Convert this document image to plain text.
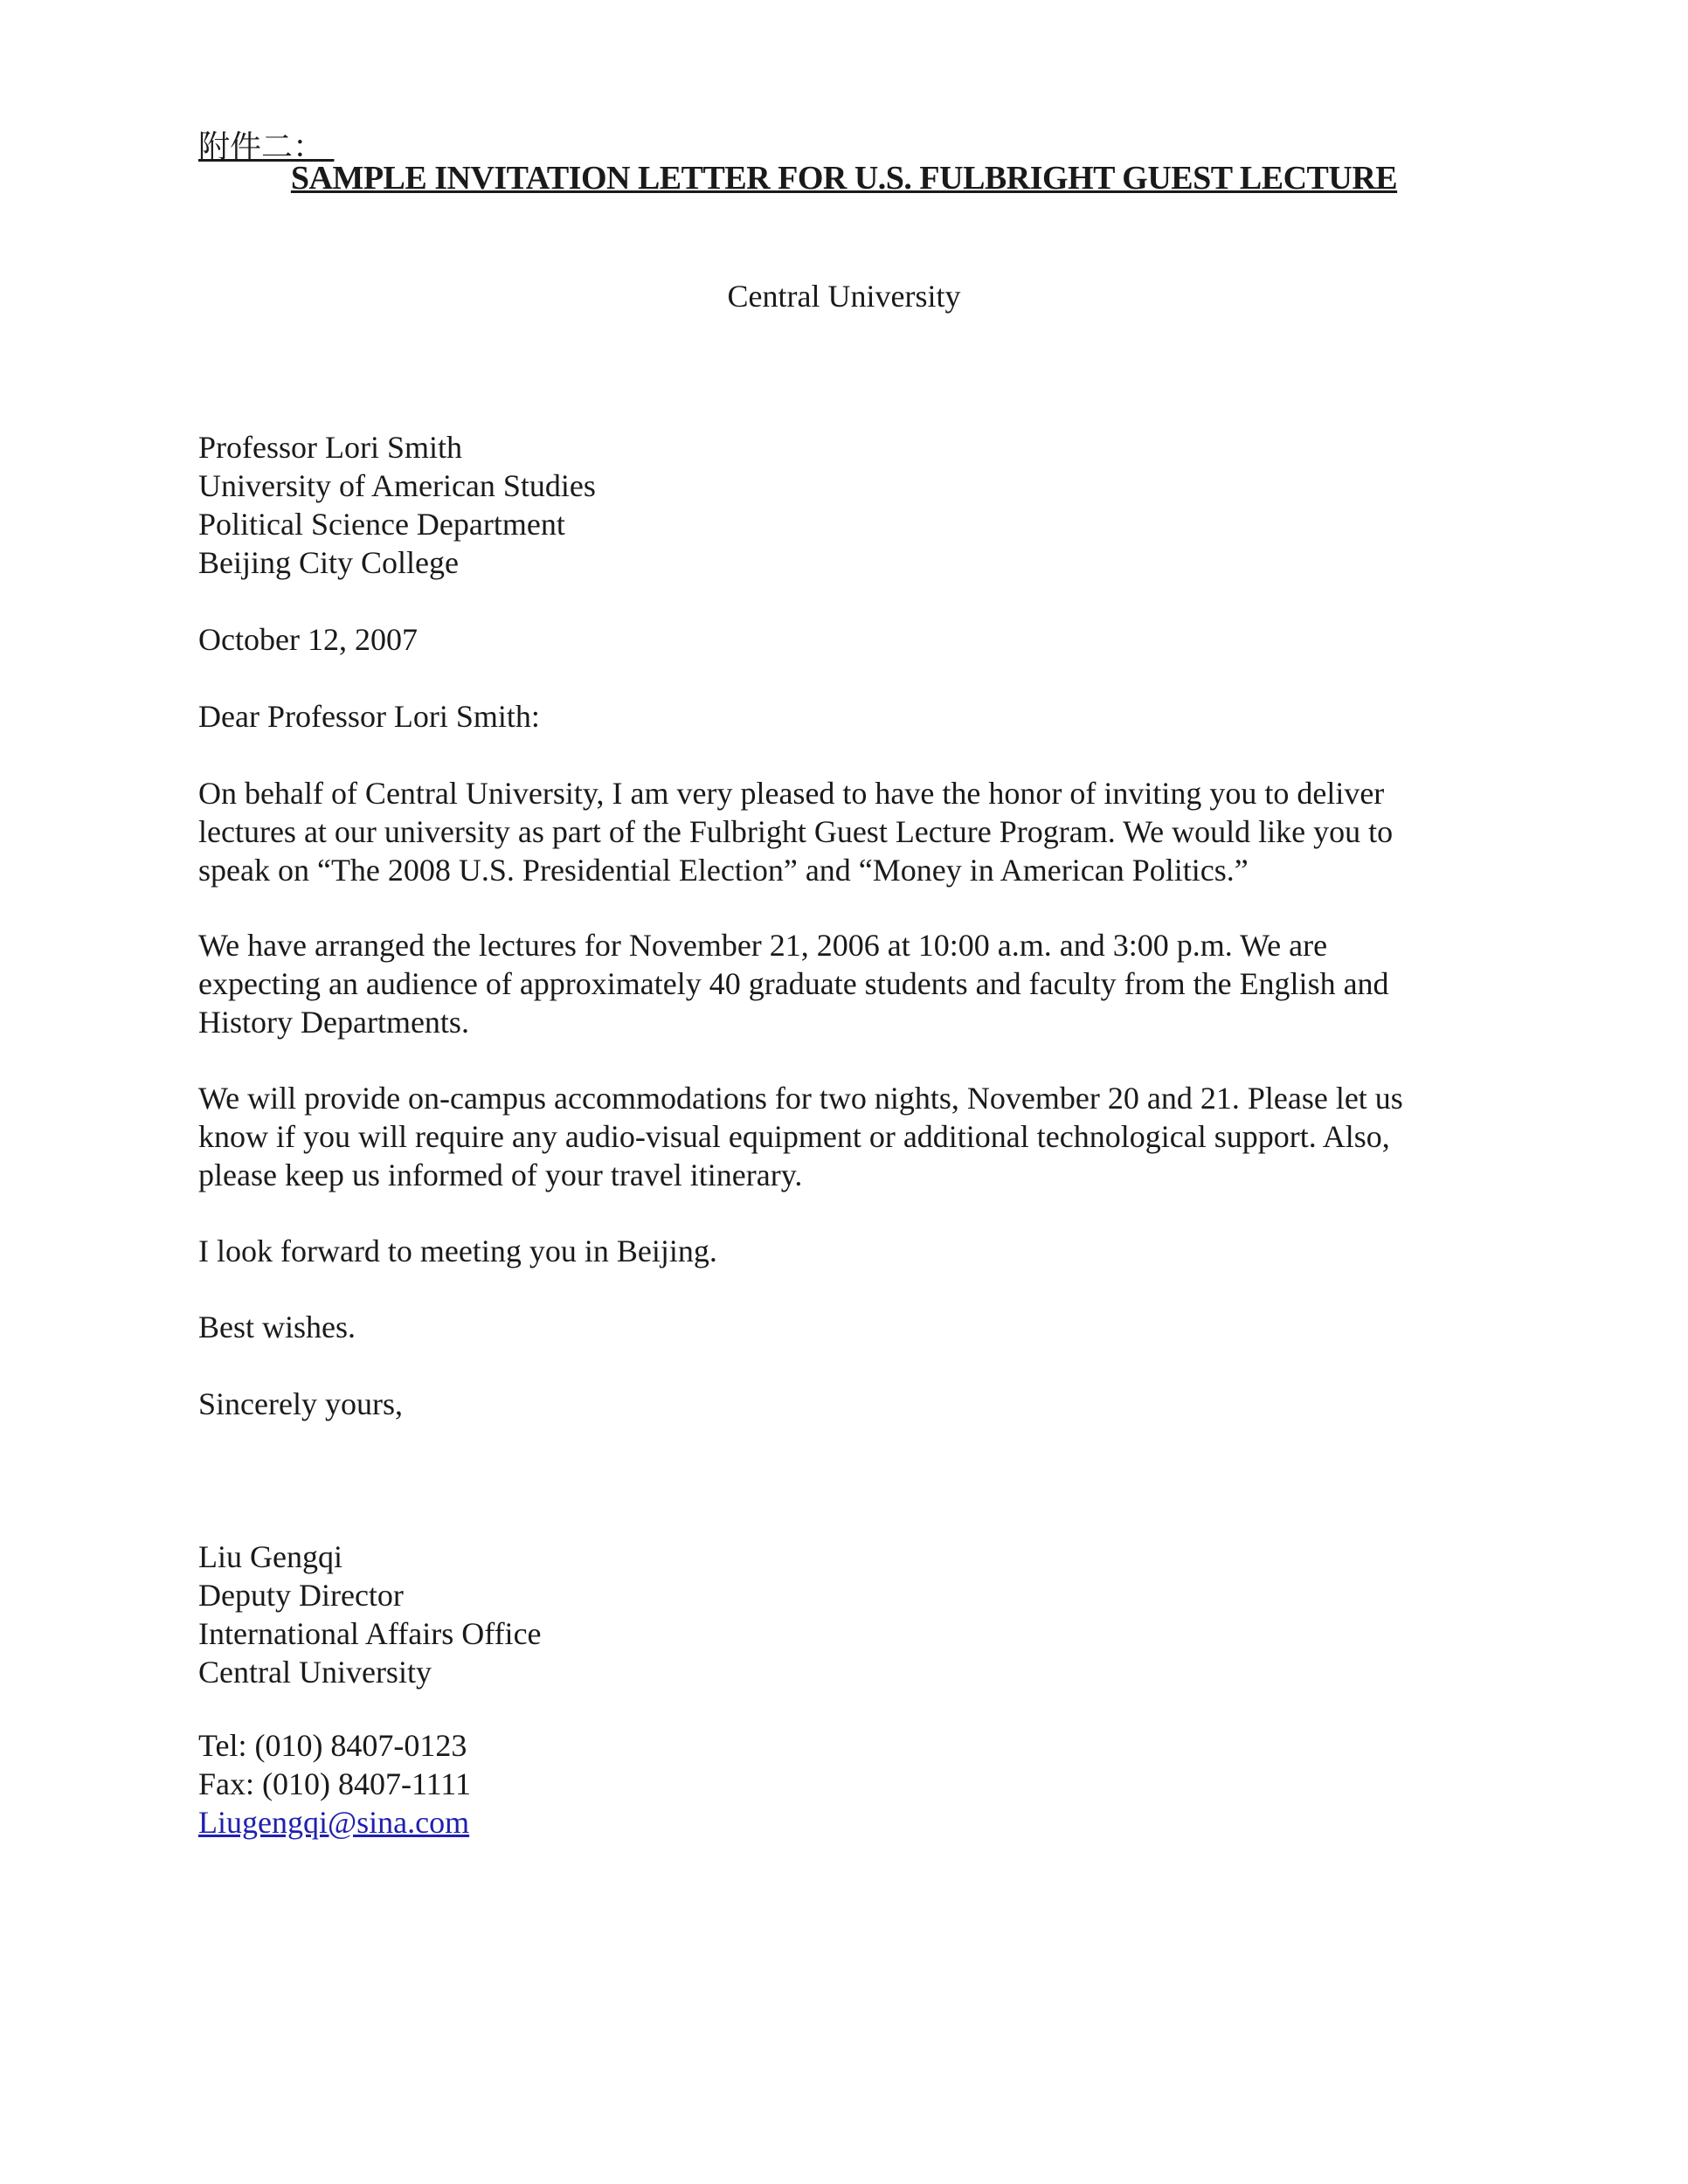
附件二：
SAMPLE INVITATION LETTER FOR U.S. FULBRIGHT GUEST LECTURE
Central University
Professor Lori Smith
University of American Studies
Political Science Department
Beijing City College
October 12, 2007
Dear Professor Lori Smith:
On behalf of Central University, I am very pleased to have the honor of inviting you to deliver
lectures at our university as part of the Fulbright Guest Lecture Program. We would like you to
speak on “The 2008 U.S. Presidential Election” and “Money in American Politics.”
We have arranged the lectures for November 21, 2006 at 10:00 a.m. and 3:00 p.m. We are
expecting an audience of approximately 40 graduate students and faculty from the English and
History Departments.
We will provide on-campus accommodations for two nights, November 20 and 21. Please let us
know if you will require any audio-visual equipment or additional technological support. Also,
please keep us informed of your travel itinerary.
I look forward to meeting you in Beijing.
Best wishes.
Sincerely yours,
Liu Gengqi
Deputy Director
International Affairs Office
Central University
Tel: (010) 8407-0123
Fax: (010) 8407-1111
Liugengqi@sina.com
